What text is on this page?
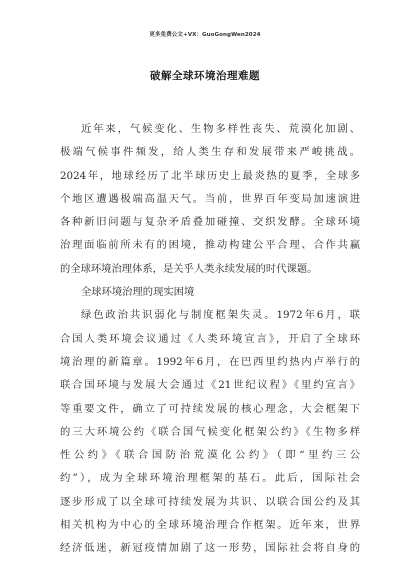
更多免费公文+VX：GuoGongWen2024
破解全球环境治理难题
近年来，气候变化、生物多样性丧失、荒漠化加剧、
极端气候事件频发，给人类生存和发展带来严峻挑战。
2024年，地球经历了北半球历史上最炎热的夏季，全球多
个地区遭遇极端高温天气。当前，世界百年变局加速演进
各种新旧问题与复杂矛盾叠加碰撞、交织发酵。全球环境
治理面临前所未有的困境，推动构建公平合理、合作共赢
的全球环境治理体系，是关乎人类永续发展的时代课题。
全球环境治理的现实困境
绿色政治共识弱化与制度框架失灵。1972年6月，联
合国人类环境会议通过《人类环境宣言》，开启了全球环
境治理的新篇章。1992年6月，在巴西里约热内卢举行的
联合国环境与发展大会通过《21世纪议程》《里约宣言》
等重要文件，确立了可持续发展的核心理念，大会框架下
的三大环境公约《联合国气候变化框架公约》《生物多样
性公约》《联合国防治荒漠化公约》（即“里约三公
约”），成为全球环境治理框架的基石。此后，国际社会
逐步形成了以全球可持续发展为共识、以联合国公约及其
相关机构为中心的全球环境治理合作框架。近年来，世界
经济低迷，新冠疫情加剧了这一形势，国际社会将自身的
